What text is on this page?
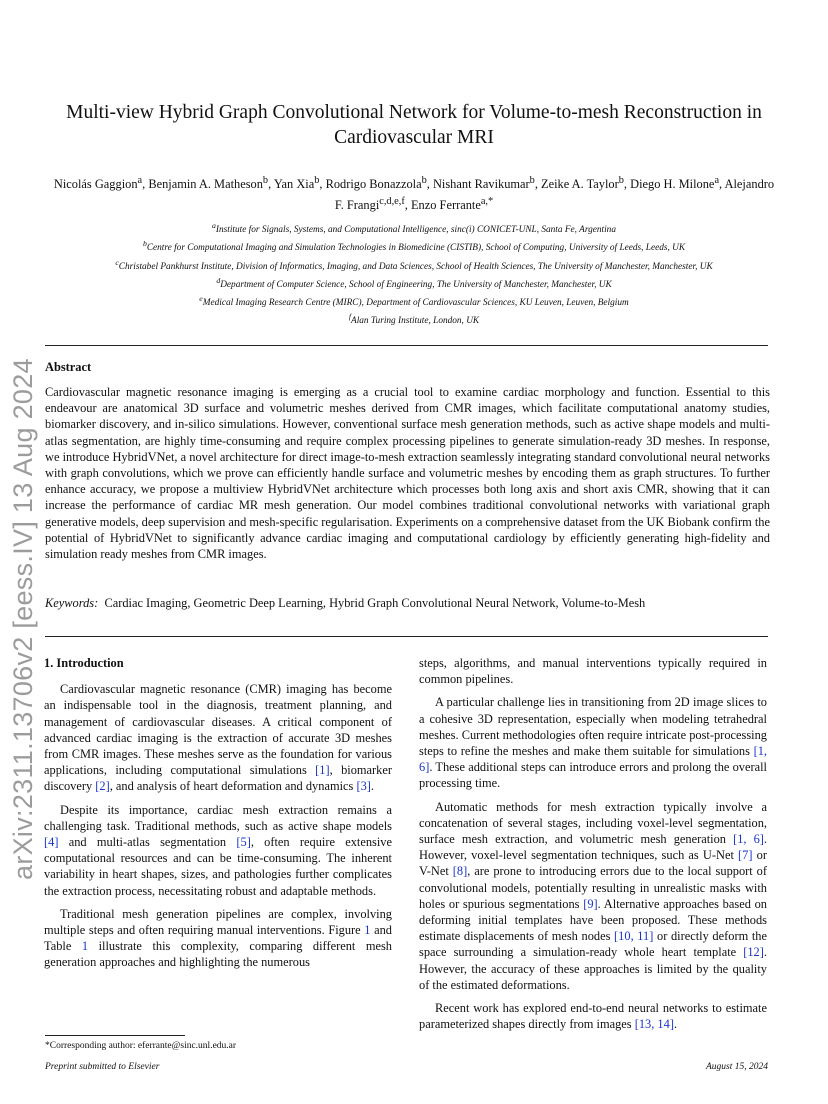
arXiv:2311.13706v2 [eess.IV] 13 Aug 2024
Multi-view Hybrid Graph Convolutional Network for Volume-to-mesh Reconstruction in Cardiovascular MRI
Nicolás Gaggion$^a$, Benjamin A. Matheson$^b$, Yan Xia$^b$, Rodrigo Bonazzola$^b$, Nishant Ravikumar$^b$, Zeike A. Taylor$^b$, Diego H. Milone$^a$, Alejandro F. Frangi$^{c,d,e,f}$, Enzo Ferrante$^{a,*}$
$^a$Institute for Signals, Systems, and Computational Intelligence, sinc(i) CONICET-UNL, Santa Fe, Argentina
$^b$Centre for Computational Imaging and Simulation Technologies in Biomedicine (CISTIB), School of Computing, University of Leeds, Leeds, UK
$^c$Christabel Pankhurst Institute, Division of Informatics, Imaging, and Data Sciences, School of Health Sciences, The University of Manchester, Manchester, UK
$^d$Department of Computer Science, School of Engineering, The University of Manchester, Manchester, UK
$^e$Medical Imaging Research Centre (MIRC), Department of Cardiovascular Sciences, KU Leuven, Leuven, Belgium
$^f$Alan Turing Institute, London, UK
Abstract
Cardiovascular magnetic resonance imaging is emerging as a crucial tool to examine cardiac morphology and function. Essential to this endeavour are anatomical 3D surface and volumetric meshes derived from CMR images, which facilitate computational anatomy studies, biomarker discovery, and in-silico simulations. However, conventional surface mesh generation methods, such as active shape models and multi-atlas segmentation, are highly time-consuming and require complex processing pipelines to generate simulation-ready 3D meshes. In response, we introduce HybridVNet, a novel architecture for direct image-to-mesh extraction seamlessly integrating standard convolutional neural networks with graph convolutions, which we prove can efficiently handle surface and volumetric meshes by encoding them as graph structures. To further enhance accuracy, we propose a multiview HybridVNet architecture which processes both long axis and short axis CMR, showing that it can increase the performance of cardiac MR mesh generation. Our model combines traditional convolutional networks with variational graph generative models, deep supervision and mesh-specific regularisation. Experiments on a comprehensive dataset from the UK Biobank confirm the potential of HybridVNet to significantly advance cardiac imaging and computational cardiology by efficiently generating high-fidelity and simulation ready meshes from CMR images.
Keywords: Cardiac Imaging, Geometric Deep Learning, Hybrid Graph Convolutional Neural Network, Volume-to-Mesh
1. Introduction

Cardiovascular magnetic resonance (CMR) imaging has become an indispensable tool in the diagnosis, treatment planning, and management of cardiovascular diseases. A critical component of advanced cardiac imaging is the extraction of accurate 3D meshes from CMR images. These meshes serve as the foundation for various applications, including computational simulations [1], biomarker discovery [2], and analysis of heart deformation and dynamics [3].

Despite its importance, cardiac mesh extraction remains a challenging task. Traditional methods, such as active shape models [4] and multi-atlas segmentation [5], often require extensive computational resources and can be time-consuming. The inherent variability in heart shapes, sizes, and pathologies further complicates the extraction process, necessitating robust and adaptable methods.

Traditional mesh generation pipelines are complex, involving multiple steps and often requiring manual interventions. Figure 1 and Table 1 illustrate this complexity, comparing different mesh generation approaches and highlighting the numerous

steps, algorithms, and manual interventions typically required in common pipelines.

A particular challenge lies in transitioning from 2D image slices to a cohesive 3D representation, especially when modeling tetrahedral meshes. Current methodologies often require intricate post-processing steps to refine the meshes and make them suitable for simulations [1, 6]. These additional steps can introduce errors and prolong the overall processing time.

Automatic methods for mesh extraction typically involve a concatenation of several stages, including voxel-level segmentation, surface mesh extraction, and volumetric mesh generation [1, 6]. However, voxel-level segmentation techniques, such as U-Net [7] or V-Net [8], are prone to introducing errors due to the local support of convolutional models, potentially resulting in unrealistic masks with holes or spurious segmentations [9]. Alternative approaches based on deforming initial templates have been proposed. These methods estimate displacements of mesh nodes [10, 11] or directly deform the space surrounding a simulation-ready whole heart template [12]. However, the accuracy of these approaches is limited by the quality of the estimated deformations.

Recent work has explored end-to-end neural networks to estimate parameterized shapes directly from images [13, 14].

*Corresponding author: eferrante@sinc.unl.edu.ar
Preprint submitted to Elsevier	August 15, 2024
